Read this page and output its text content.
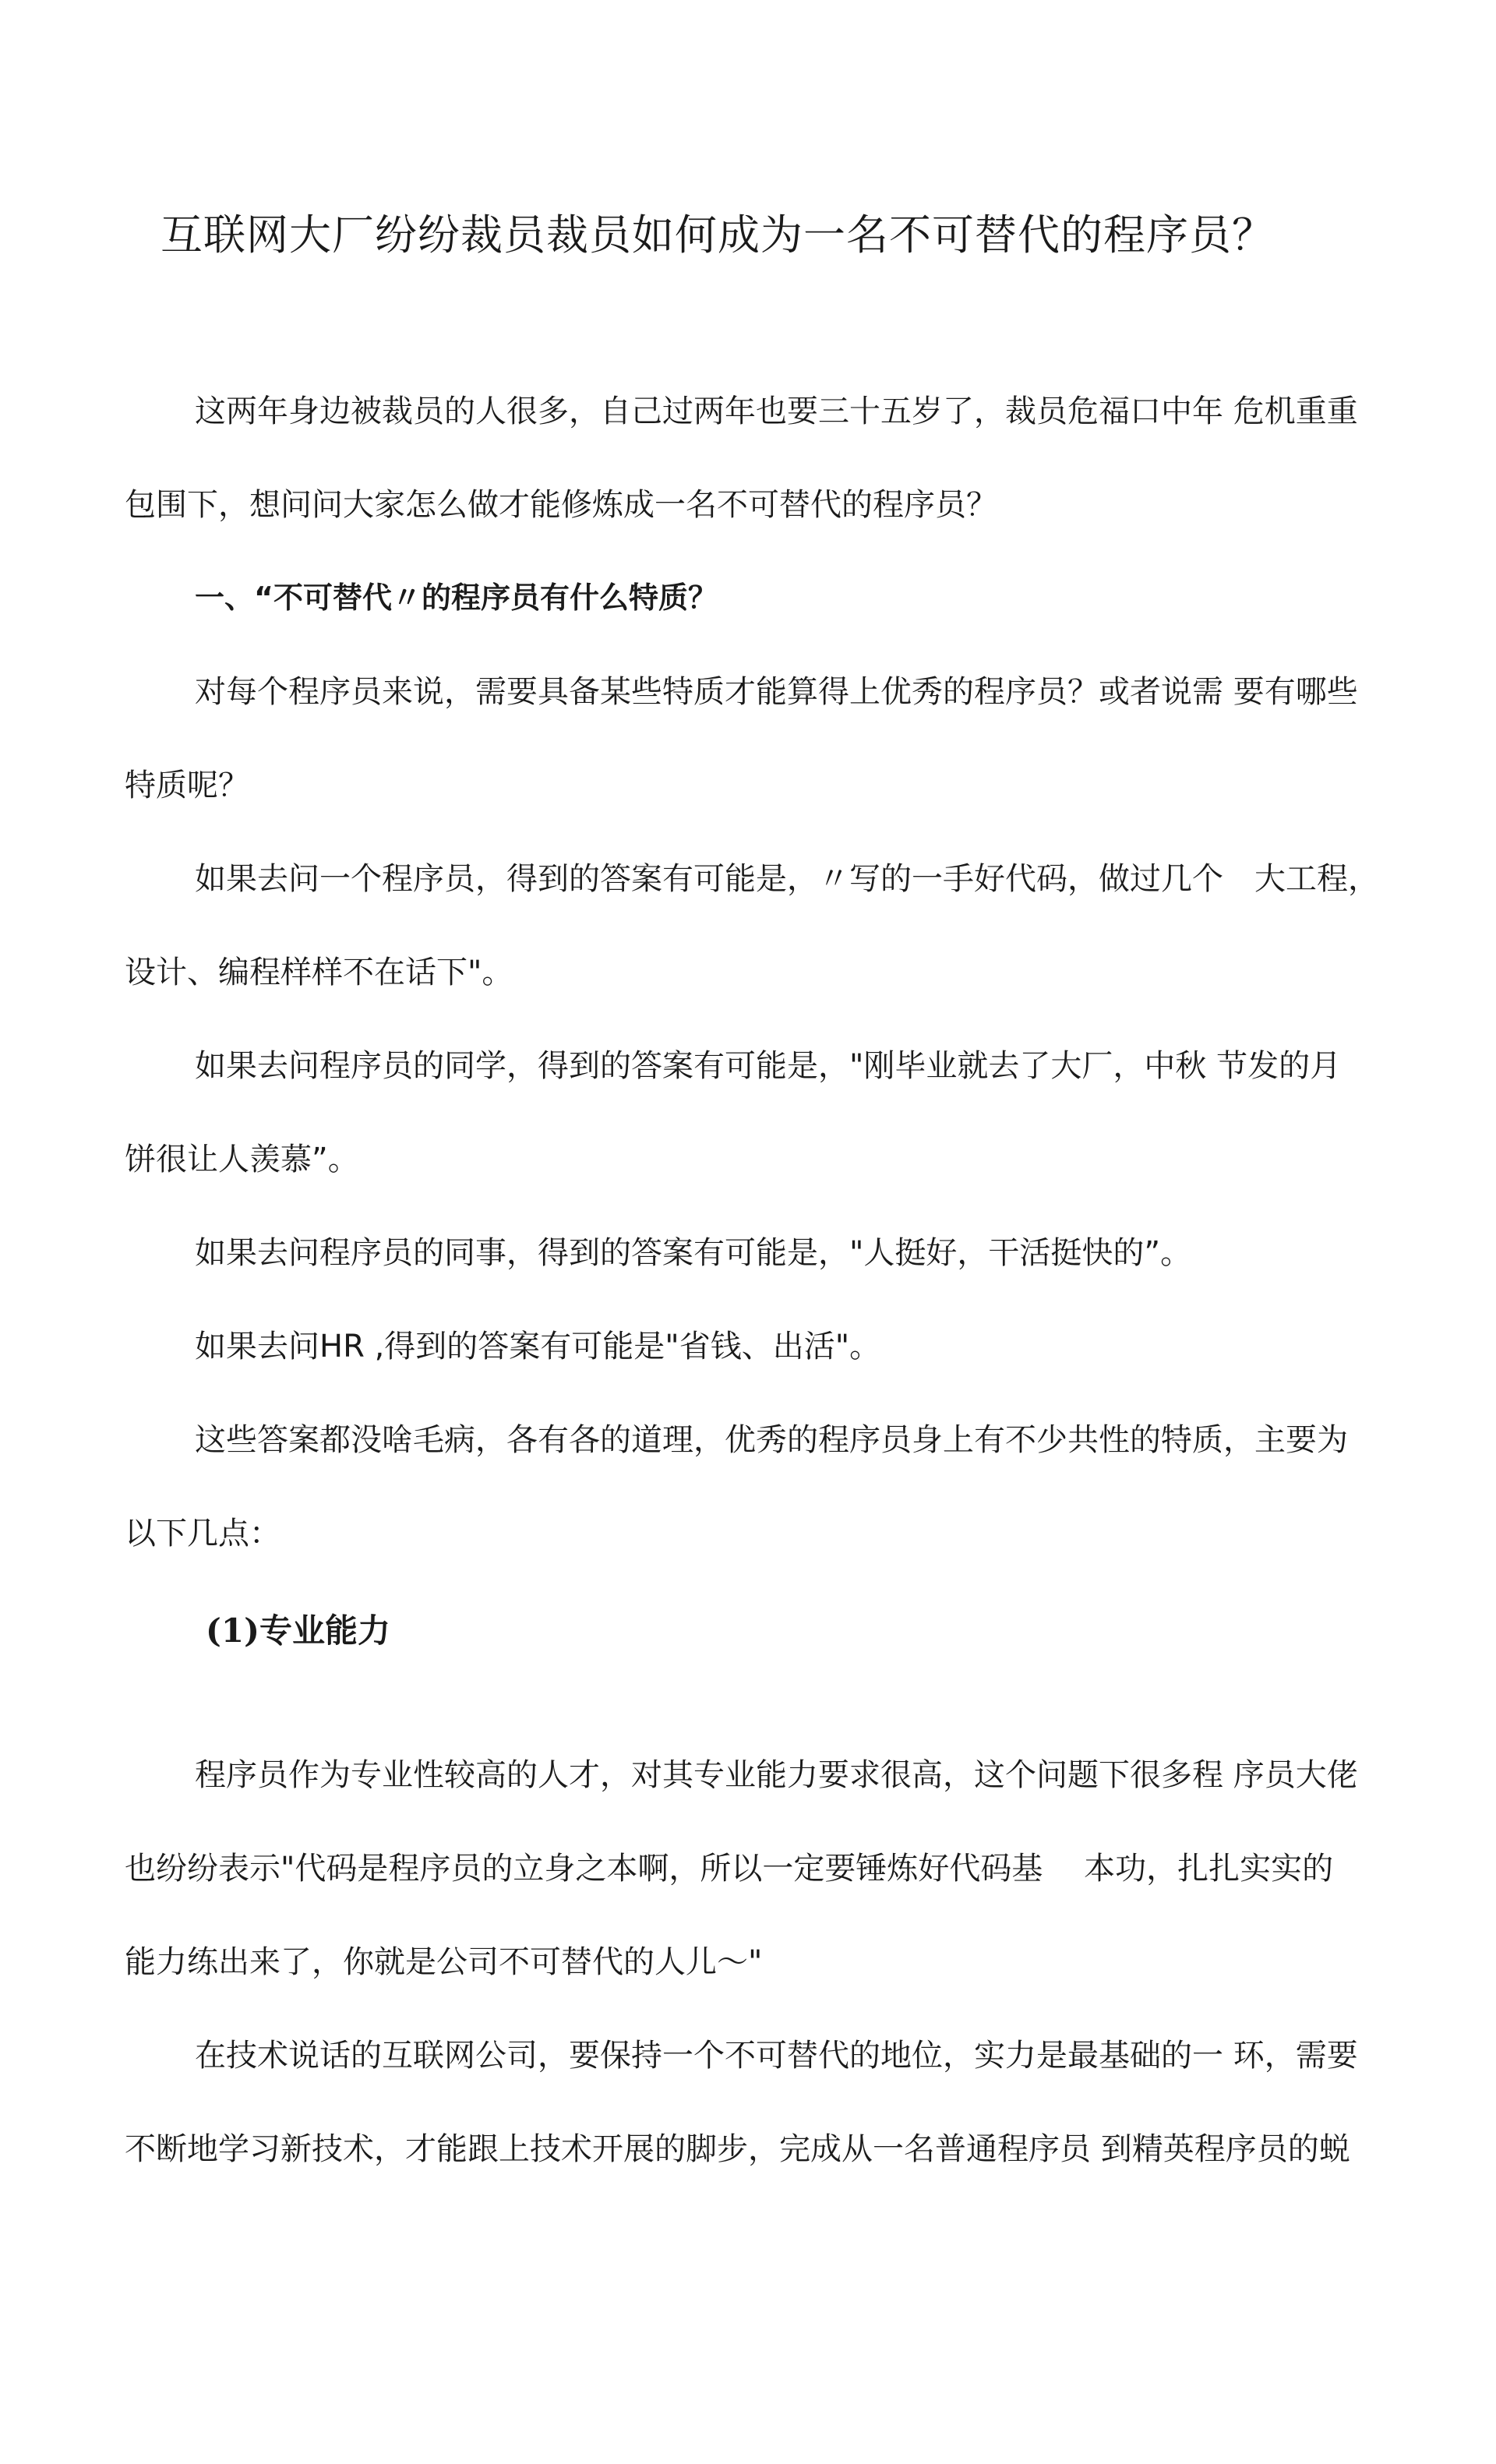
互联网大厂纷纷裁员裁员如何成为一名不可替代的程序员？
这两年身边被裁员的人很多，自己过两年也要三十五岁了，裁员危福口中年 危机重重
包围下，想问问大家怎么做才能修炼成一名不可替代的程序员？
一、“不可替代〃的程序员有什么特质？
对每个程序员来说，需要具备某些特质才能算得上优秀的程序员？或者说需 要有哪些
特质呢？
如果去问一个程序员，得到的答案有可能是，〃写的一手好代码，做过几个　大工程，
设计、编程样样不在话下"。
如果去问程序员的同学，得到的答案有可能是，"刚毕业就去了大厂，中秋 节发的月
饼很让人羡慕”。
如果去问程序员的同事，得到的答案有可能是，"人挺好，干活挺快的”。
如果去问HR ,得到的答案有可能是"省钱、出活"。
这些答案都没啥毛病，各有各的道理，优秀的程序员身上有不少共性的特质，主要为
以下几点：
(1)专业能力
程序员作为专业性较高的人才，对其专业能力要求很高，这个问题下很多程 序员大佬
也纷纷表示"代码是程序员的立身之本啊，所以一定要锤炼好代码基　 本功，扎扎实实的
能力练出来了，你就是公司不可替代的人儿〜"
在技术说话的互联网公司，要保持一个不可替代的地位，实力是最基础的一 环，需要
不断地学习新技术，才能跟上技术开展的脚步，完成从一名普通程序员 到精英程序员的蜕
